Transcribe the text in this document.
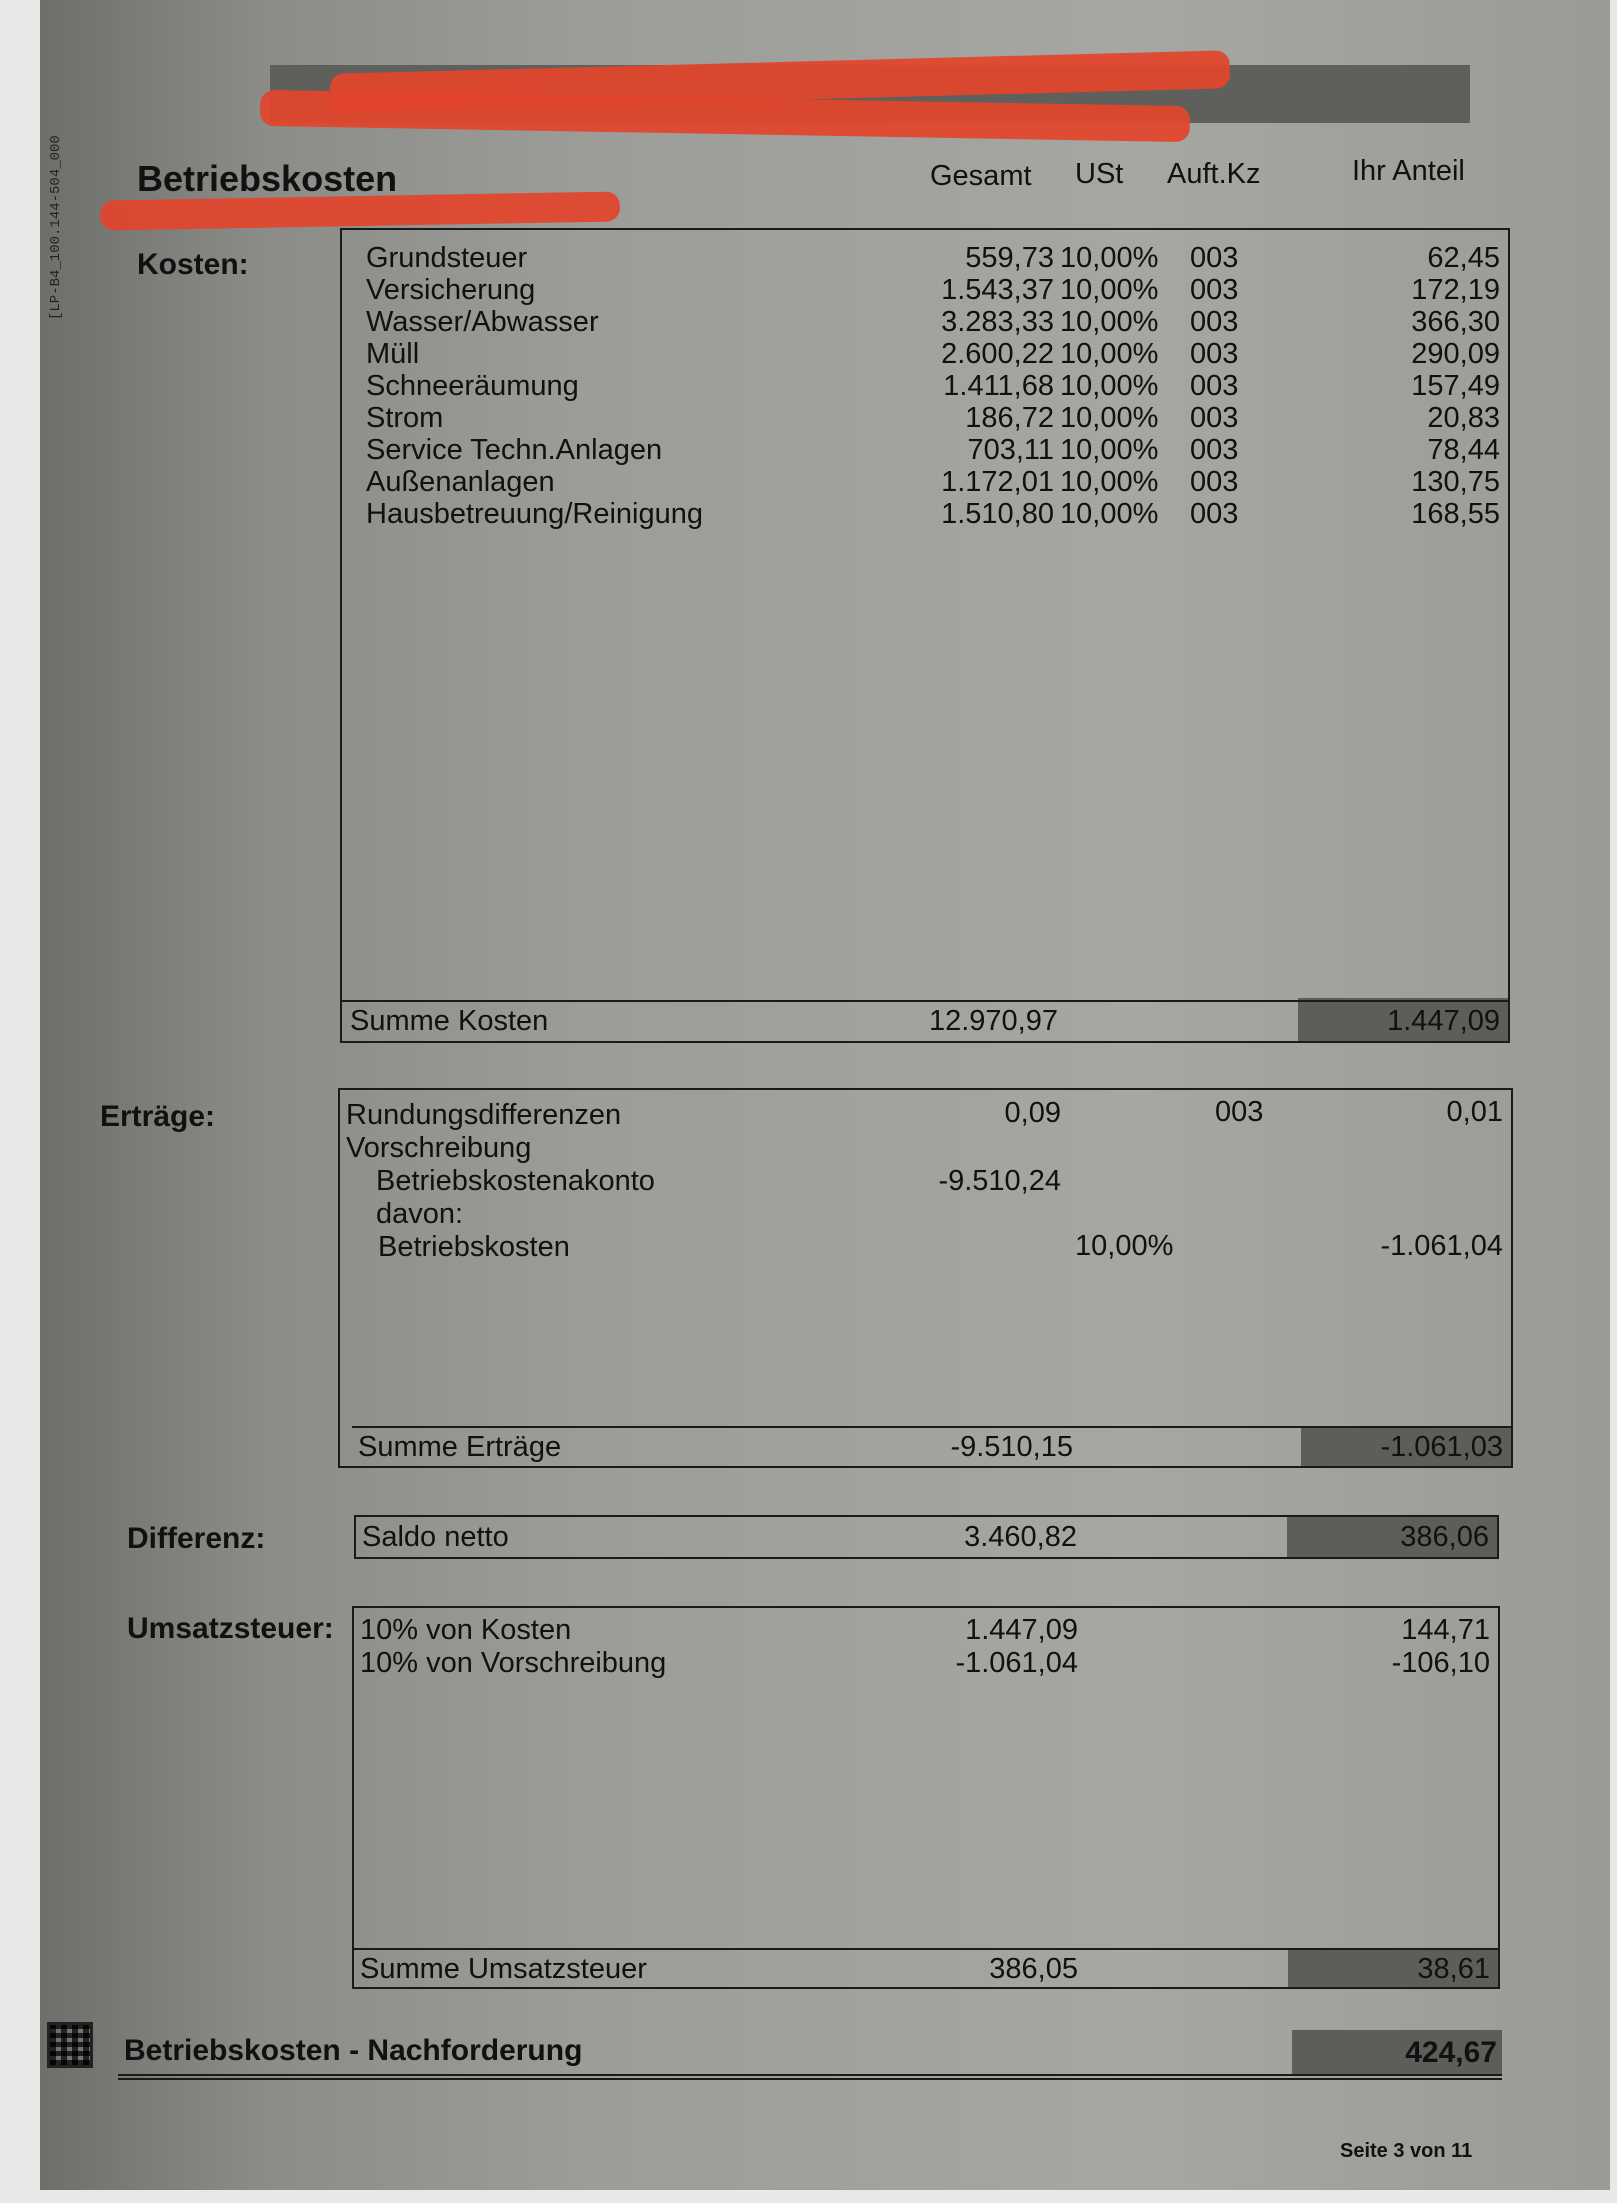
[LP-B4_100.144-504_000 Betriebskosten	Gesamt USt Auft.Kz	Ihr Anteil
Kosten:	Grundsteuer	559,73 10,00% 003	62,45
Versicherung	1.543,37 10,00% 003	172,19
Wasser/Abwasser	3.283,33 10,00% 003	366,30
Müll	2.600,22 10,00% 003	290,09
Schneeräumung	1.411,68 10,00% 003	157,49
Strom	186,72 10,00% 003	20,83
Service Techn.Anlagen	703,11 10,00% 003	78,44
Außenanlagen	1.172,01 10,00% 003	130,75
Hausbetreuung/Reinigung	1.510,80 10,00% 003	168,55
Summe Kosten	12.970,97	1.447,09
Erträge:	Rundungsdifferenzen	0,09	003	0,01
Vorschreibung
Betriebskostenakonto	-9.510,24
davon:
Betriebskosten	10,00%	-1.061,04
Summe Erträge	-9.510,15	-1.061,03
Differenz:	Saldo netto	3.460,82	386,06
Umsatzsteuer: 10% von Kosten	1.447,09	144,71
10% von Vorschreibung	-1.061,04	-106,10
Summe Umsatzsteuer	386,05	38,61
Betriebskosten - Nachforderung	424,67
Seite 3 von 11
